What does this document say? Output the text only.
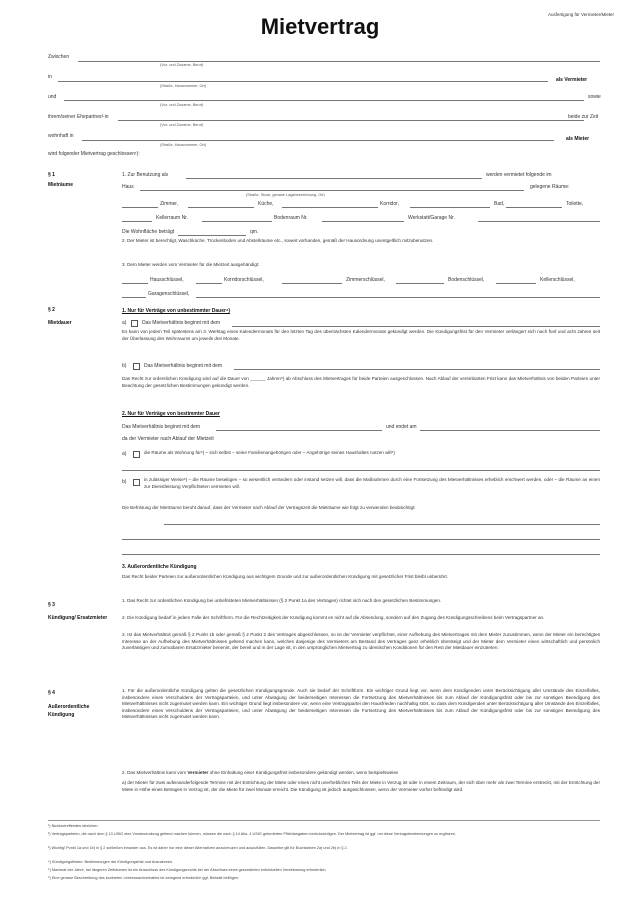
Mietvertrag	Ausfertigung für Vermieter/Mieter
Zwischen
(Vor- und Zuname, Beruf)
in	als Vermieter
(Straße, Hausnummer, Ort)
und	sowie
(Vor- und Zuname, Beruf)
ihrem/seiner Ehepartner/-in	beide zur Zeit
(Vor- und Zuname, Beruf)
wohnhaft in	als Mieter
(Straße, Hausnummer, Ort)
wird folgender Mietvertrag geschlossen¹):
§ 1
Mieträume
1. Zur Benutzung als	werden vermietet folgende im
Haus	gelegene Räume:
(Straße, Stock, genaue Lagebezeichnung, Ort)
Zimmer,	Küche,	Korridor,	Bad,	Toilette,
Kellerraum Nr.	Bodenraum Nr.	Werkstatt/Garage Nr.
Die Wohnfläche beträgt	qm.
2. Der Mieter ist berechtigt, Waschküche, Trockenboden und Abstellräume etc., soweit vorhanden, gemäß der Hausordnung unentgeltlich mitzubenutzen.
3. Dem Mieter werden vom Vermieter für die Mietzeit ausgehändigt:
Hausschlüssel,	Korridorschlüssel,	Zimmerschlüssel,	Bodenschlüssel,	Kellerschlüssel,
Garagenschlüssel,
§ 2
Mietdauer
1. Nur für Verträge von unbestimmter Dauer⁴)
a)	Das Mietverhältnis beginnt mit dem
Es kann von jedem Teil spätestens am 3. Werktag eines Kalendermonats für den letzten Tag des übernächsten Kalendermonats gekündigt werden. Die Kündigungsfrist für den Vermieter verlängert sich nach fünf und acht Jahren seit der Überlassung des Wohnraums um jeweils drei Monate.
b)	Das Mietverhältnis beginnt mit dem
Das Recht zur ordentlichen Kündigung wird auf die Dauer von ______ Jahren⁵) ab Abschluss des Mietvertrages für beide Parteien ausgeschlossen. Nach Ablauf der vereinbarten Frist kann das Mietverhältnis von beiden Parteien unter Beachtung der gesetzlichen Bestimmungen gekündigt werden.
2. Nur für Verträge von bestimmter Dauer
Das Mietverhältnis beginnt mit dem	und endet am
da der Vermieter nach Ablauf der Mietzeit
a)	die Räume als Wohnung für⁶) – sich selbst – seine Familienangehörigen oder – Angehörige seines Haushaltes nutzen will⁶)
b)	in zulässiger Weise⁶) – die Räume beseitigen – so wesentlich verändern oder instand setzen will, dass die Maßnahmen durch eine Fortsetzung des Mietverhältnisses erheblich erschwert werden, oder – die Räume an einen zur Dienstleistung Verpflichteten vermieten will.
Die Befristung der Mieträume beruht darauf, dass der Vermieter nach Ablauf der Vertragszeit die Mieträume wie folgt zu verwenden beabsichtigt:
3. Außerordentliche Kündigung
Das Recht beider Parteien zur außerordentlichen Kündigung aus wichtigem Grunde und zur außerordentlichen Kündigung mit gesetzlicher Frist bleibt unberührt.
§ 3
Kündigung/ Ersatzmieter
1. Das Recht zur ordentlichen Kündigung bei unbefristeten Mietverhältnissen (§ 2 Punkt 1a des Vertrages) richtet sich nach den gesetzlichen Bestimmungen.
2. Die Kündigung bedarf in jedem Falle der Schriftform. Für die Rechtzeitigkeit der Kündigung kommt es nicht auf die Absendung, sondern auf den Zugang des Kündigungsschreibens beim Vertragspartner an.
3. Ist das Mietverhältnis gemäß § 2 Punkt 1b oder gemäß § 2 Punkt 2 des Vertrages abgeschlossen, so ist der Vermieter verpflichtet, einer Aufhebung des Mietvertrages mit dem Mieter zuzustimmen, wenn der Mieter ein berechtigtes Interesse an der Aufhebung des Mietverhältnisses geltend machen kann, welches dasjenige des Vermieters am Bestand des Vertrages ganz erheblich übersteigt und der Mieter dem Vermieter einen wirtschaftlich und persönlich zuverlässigen und zumutbaren Ersatzmieter benennt, der bereit und in der Lage ist, in den ursprünglichen Mietvertrag zu identischen Konditionen für den Rest der Mietdauer einzutreten.
§ 4
Außerordentliche Kündigung
1. Für die außerordentliche Kündigung gelten die gesetzlichen Kündigungsgründe. Auch sie bedarf der Schriftform. Ein wichtiger Grund liegt vor, wenn dem Kündigenden unter Berücksichtigung aller Umstände des Einzelfalles, insbesondere eines Verschuldens der Vertragsparteien, und unter Abwägung der beiderseitigen Interessen die Fortsetzung des Mietverhältnisses bis zum Ablauf der Kündigungsfrist oder bis zur sonstigen Beendigung des Mietverhältnisses nicht zugemutet werden kann. Ein wichtiger Grund liegt insbesondere vor, wenn eine Vertragspartei den Hausfrieden nachhaltig stört, so dass dem Kündigenden unter Berücksichtigung aller Umstände des Einzelfalles, insbesondere eines Verschuldens der Vertragsparteien, und unter Abwägung der beiderseitigen Interessen die Fortsetzung des Mietverhältnisses bis zum Ablauf der Kündigungsfrist oder bis zur sonstigen Beendigung des Mietverhältnisses nicht zugemutet werden kann.
2. Das Mietverhältnis kann vom Vermieter ohne Einhaltung einer Kündigungsfrist insbesondere gekündigt werden, wenn beispielsweise
a) der Mieter für zwei aufeinanderfolgende Termine mit der Entrichtung der Miete oder eines nicht unerheblichen Teils der Miete in Verzug ist oder in einem Zeitraum, der sich über mehr als zwei Termine erstreckt, mit der Entrichtung der Miete in Höhe eines Betrages in Verzug ist, der die Miete für zwei Monate erreicht. Die Kündigung ist jedoch ausgeschlossen, wenn der Vermieter vorher befriedigt wird.
¹) Nichtzutreffendes streichen.
²) Vertragsparteien, die nach dem § 13 UStG eine Vorsteuerabzug geltend machen können, müssen die nach § 14 Abs. 4 UStG geforderten Pflichtangaben berücksichtigen. Der Mietvertrag ist ggf. um diese Vertragsbestimmungen zu ergänzen.
³) Wichtig! Punkt 1a und 1b) in § 2 schließen einander aus. Es ist daher nur eine dieser Alternativen anzukreuzen und auszufüllen. Dasselbe gilt für Buchstaben 2a) und 2b) in § 2.
⁴) Kündigungsfristen: Bestimmungen der Kündigungsfrist und Ausnahmen.
⁵) Maximal vier Jahre, bei längeren Zeiträumen ist ein Ausschluss des Kündigungsrechts bei der Abschluss eines gesonderten individuellen Vereinbarung erforderlich.
⁶) Eine genaue Beschreibung des konkreten Lebenssachverhaltes ist zwingend erforderlich ggf. Beiblatt beifügen.
